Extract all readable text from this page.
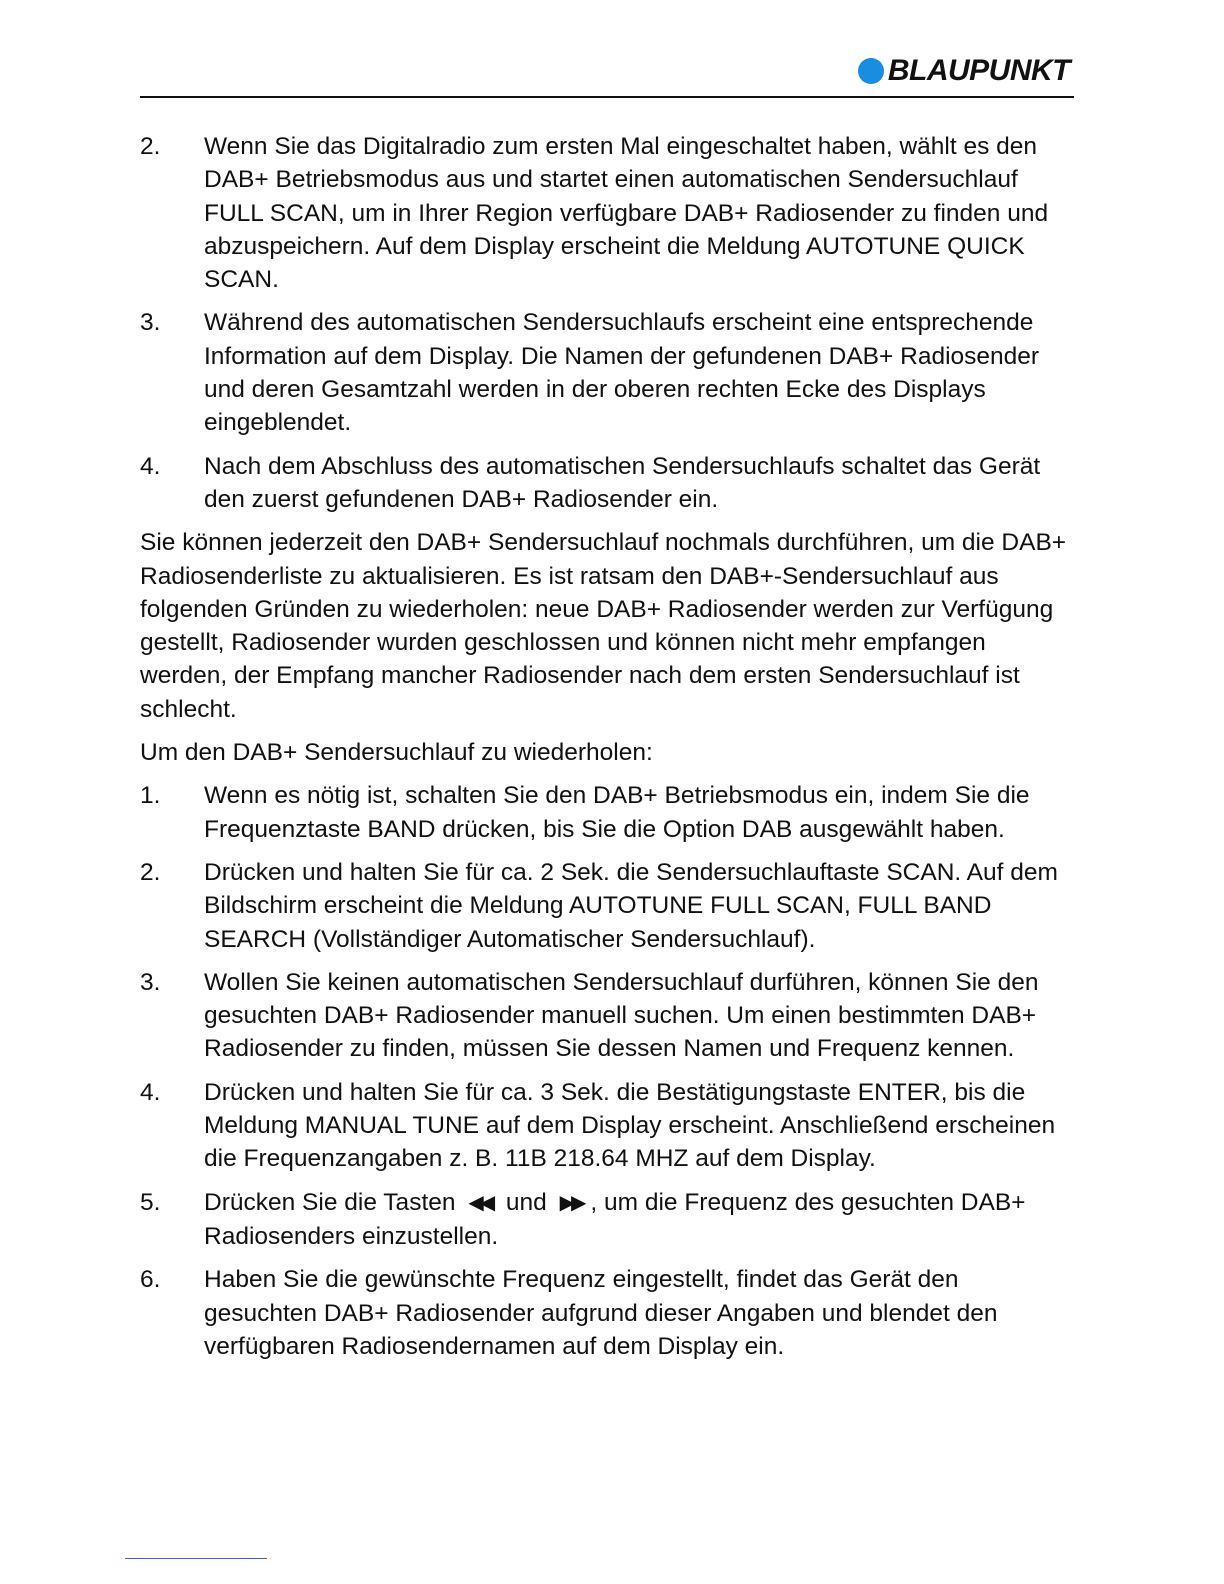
BLAUPUNKT
2. Wenn Sie das Digitalradio zum ersten Mal eingeschaltet haben, wählt es den DAB+ Betriebsmodus aus und startet einen automatischen Sendersuchlauf FULL SCAN, um in Ihrer Region verfügbare DAB+ Radiosender zu finden und abzuspeichern. Auf dem Display erscheint die Meldung AUTOTUNE QUICK SCAN.
3. Während des automatischen Sendersuchlaufs erscheint eine entsprechende Information auf dem Display. Die Namen der gefundenen DAB+ Radiosender und deren Gesamtzahl werden in der oberen rechten Ecke des Displays eingeblendet.
4. Nach dem Abschluss des automatischen Sendersuchlaufs schaltet das Gerät den zuerst gefundenen DAB+ Radiosender ein.

Sie können jederzeit den DAB+ Sendersuchlauf nochmals durchführen, um die DAB+ Radiosenderliste zu aktualisieren. Es ist ratsam den DAB+-Sendersuchlauf aus folgenden Gründen zu wiederholen: neue DAB+ Radiosender werden zur Verfügung gestellt, Radiosender wurden geschlossen und können nicht mehr empfangen werden, der Empfang mancher Radiosender nach dem ersten Sendersuchlauf ist schlecht.

Um den DAB+ Sendersuchlauf zu wiederholen:

1. Wenn es nötig ist, schalten Sie den DAB+ Betriebsmodus ein, indem Sie die Frequenztaste BAND drücken, bis Sie die Option DAB ausgewählt haben.
2. Drücken und halten Sie für ca. 2 Sek. die Sendersuchlauftaste SCAN. Auf dem Bildschirm erscheint die Meldung AUTOTUNE FULL SCAN, FULL BAND SEARCH (Vollständiger Automatischer Sendersuchlauf).
3. Wollen Sie keinen automatischen Sendersuchlauf durführen, können Sie den gesuchten DAB+ Radiosender manuell suchen. Um einen bestimmten DAB+ Radiosender zu finden, müssen Sie dessen Namen und Frequenz kennen.
4. Drücken und halten Sie für ca. 3 Sek. die Bestätigungstaste ENTER, bis die Meldung MANUAL TUNE auf dem Display erscheint. Anschließend erscheinen die Frequenzangaben z. B. 11B 218.64 MHZ auf dem Display.
5. Drücken Sie die Tasten ◀◀ und ▶▶ , um die Frequenz des gesuchten DAB+ Radiosenders einzustellen.
6. Haben Sie die gewünschte Frequenz eingestellt, findet das Gerät den gesuchten DAB+ Radiosender aufgrund dieser Angaben und blendet den verfügbaren Radiosendernamen auf dem Display ein.
